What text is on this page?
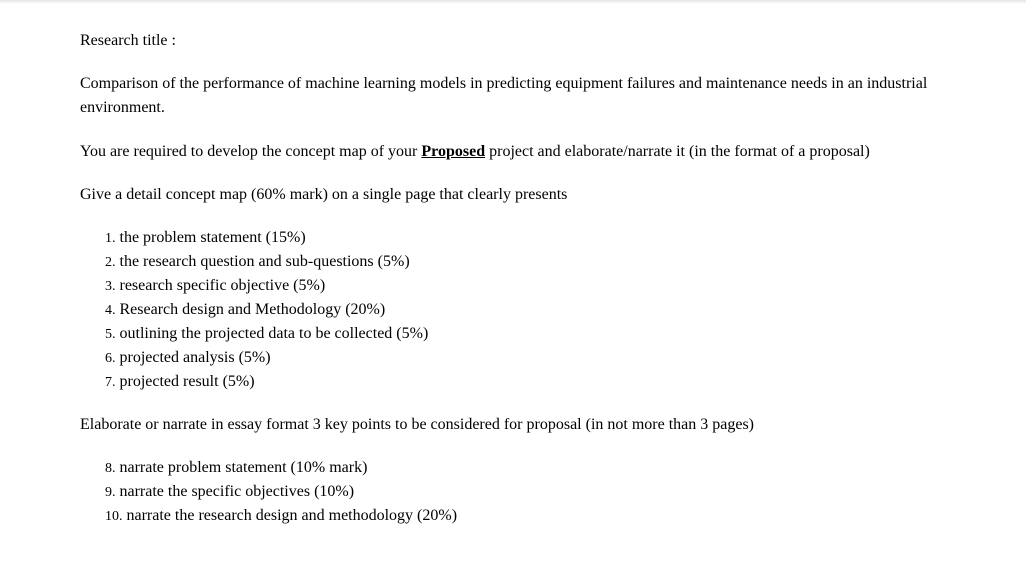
Research title :

Comparison of the performance of machine learning models in predicting equipment failures and maintenance needs in an industrial environment.

You are required to develop the concept map of your Proposed project and elaborate/narrate it (in the format of a proposal)

Give a detail concept map (60% mark) on a single page that clearly presents

1. the problem statement (15%)
2. the research question and sub-questions (5%)
3. research specific objective (5%)
4. Research design and Methodology (20%)
5. outlining the projected data to be collected (5%)
6. projected analysis (5%)
7. projected result (5%)

Elaborate or narrate in essay format 3 key points to be considered for proposal (in not more than 3 pages)

8. narrate problem statement (10% mark)
9. narrate the specific objectives (10%)
10. narrate the research design and methodology (20%)
